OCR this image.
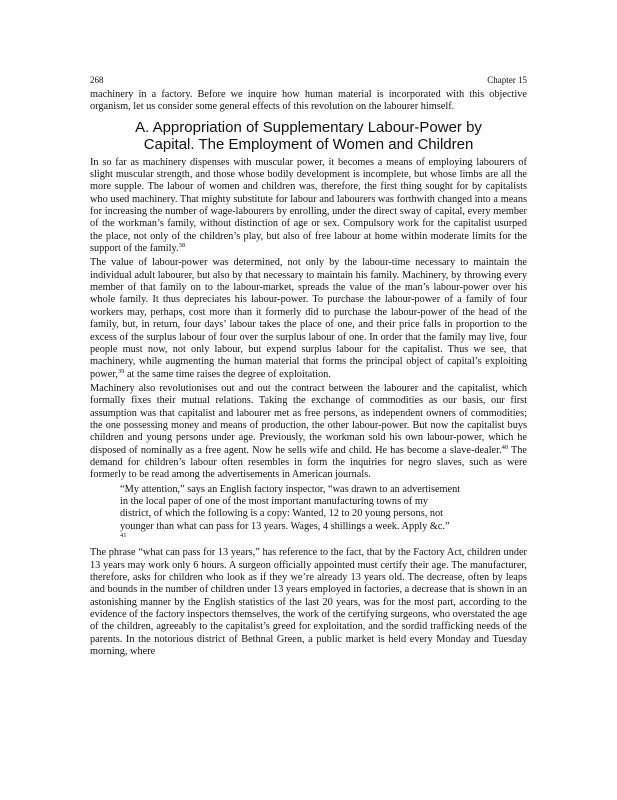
268	Chapter 15

machinery in a factory. Before we inquire how human material is incorporated with this objective organism, let us consider some general effects of this revolution on the labourer himself.

A. Appropriation of Supplementary Labour-Power by
Capital. The Employment of Women and Children

In so far as machinery dispenses with muscular power, it becomes a means of employing labourers of slight muscular strength, and those whose bodily development is incomplete, but whose limbs are all the more supple. The labour of women and children was, therefore, the first thing sought for by capitalists who used machinery. That mighty substitute for labour and labourers was forthwith changed into a means for increasing the number of wage-labourers by enrolling, under the direct sway of capital, every member of the workman’s family, without distinction of age or sex. Compulsory work for the capitalist usurped the place, not only of the children’s play, but also of free labour at home within moderate limits for the support of the family.$^{38}$

The value of labour-power was determined, not only by the labour-time necessary to maintain the individual adult labourer, but also by that necessary to maintain his family. Machinery, by throwing every member of that family on to the labour-market, spreads the value of the man’s labour-power over his whole family. It thus depreciates his labour-power. To purchase the labour-power of a family of four workers may, perhaps, cost more than it formerly did to purchase the labour-power of the head of the family, but, in return, four days’ labour takes the place of one, and their price falls in proportion to the excess of the surplus labour of four over the surplus labour of one. In order that the family may live, four people must now, not only labour, but expend surplus labour for the capitalist. Thus we see, that machinery, while augmenting the human material that forms the principal object of capital’s exploiting power,$^{39}$ at the same time raises the degree of exploitation.

Machinery also revolutionises out and out the contract between the labourer and the capitalist, which formally fixes their mutual relations. Taking the exchange of commodities as our basis, our first assumption was that capitalist and labourer met as free persons, as independent owners of commodities; the one possessing money and means of production, the other labour-power. But now the capitalist buys children and young persons under age. Previously, the workman sold his own labour-power, which he disposed of nominally as a free agent. Now he sells wife and child. He has become a slave-dealer.$^{40}$ The demand for children’s labour often resembles in form the inquiries for negro slaves, such as were formerly to be read among the advertisements in American journals.

“My attention,” says an English factory inspector, “was drawn to an advertisement
in the local paper of one of the most important manufacturing towns of my
district, of which the following is a copy: Wanted, 12 to 20 young persons, not
younger than what can pass for 13 years. Wages, 4 shillings a week. Apply &c.”
$^{41}$

The phrase “what can pass for 13 years,” has reference to the fact, that by the Factory Act, children under 13 years may work only 6 hours. A surgeon officially appointed must certify their age. The manufacturer, therefore, asks for children who look as if they we’re already 13 years old. The decrease, often by leaps and bounds in the number of children under 13 years employed in factories, a decrease that is shown in an astonishing manner by the English statistics of the last 20 years, was for the most part, according to the evidence of the factory inspectors themselves, the work of the certifying surgeons, who overstated the age of the children, agreeably to the capitalist’s greed for exploitation, and the sordid trafficking needs of the parents. In the notorious district of Bethnal Green, a public market is held every Monday and Tuesday morning, where
